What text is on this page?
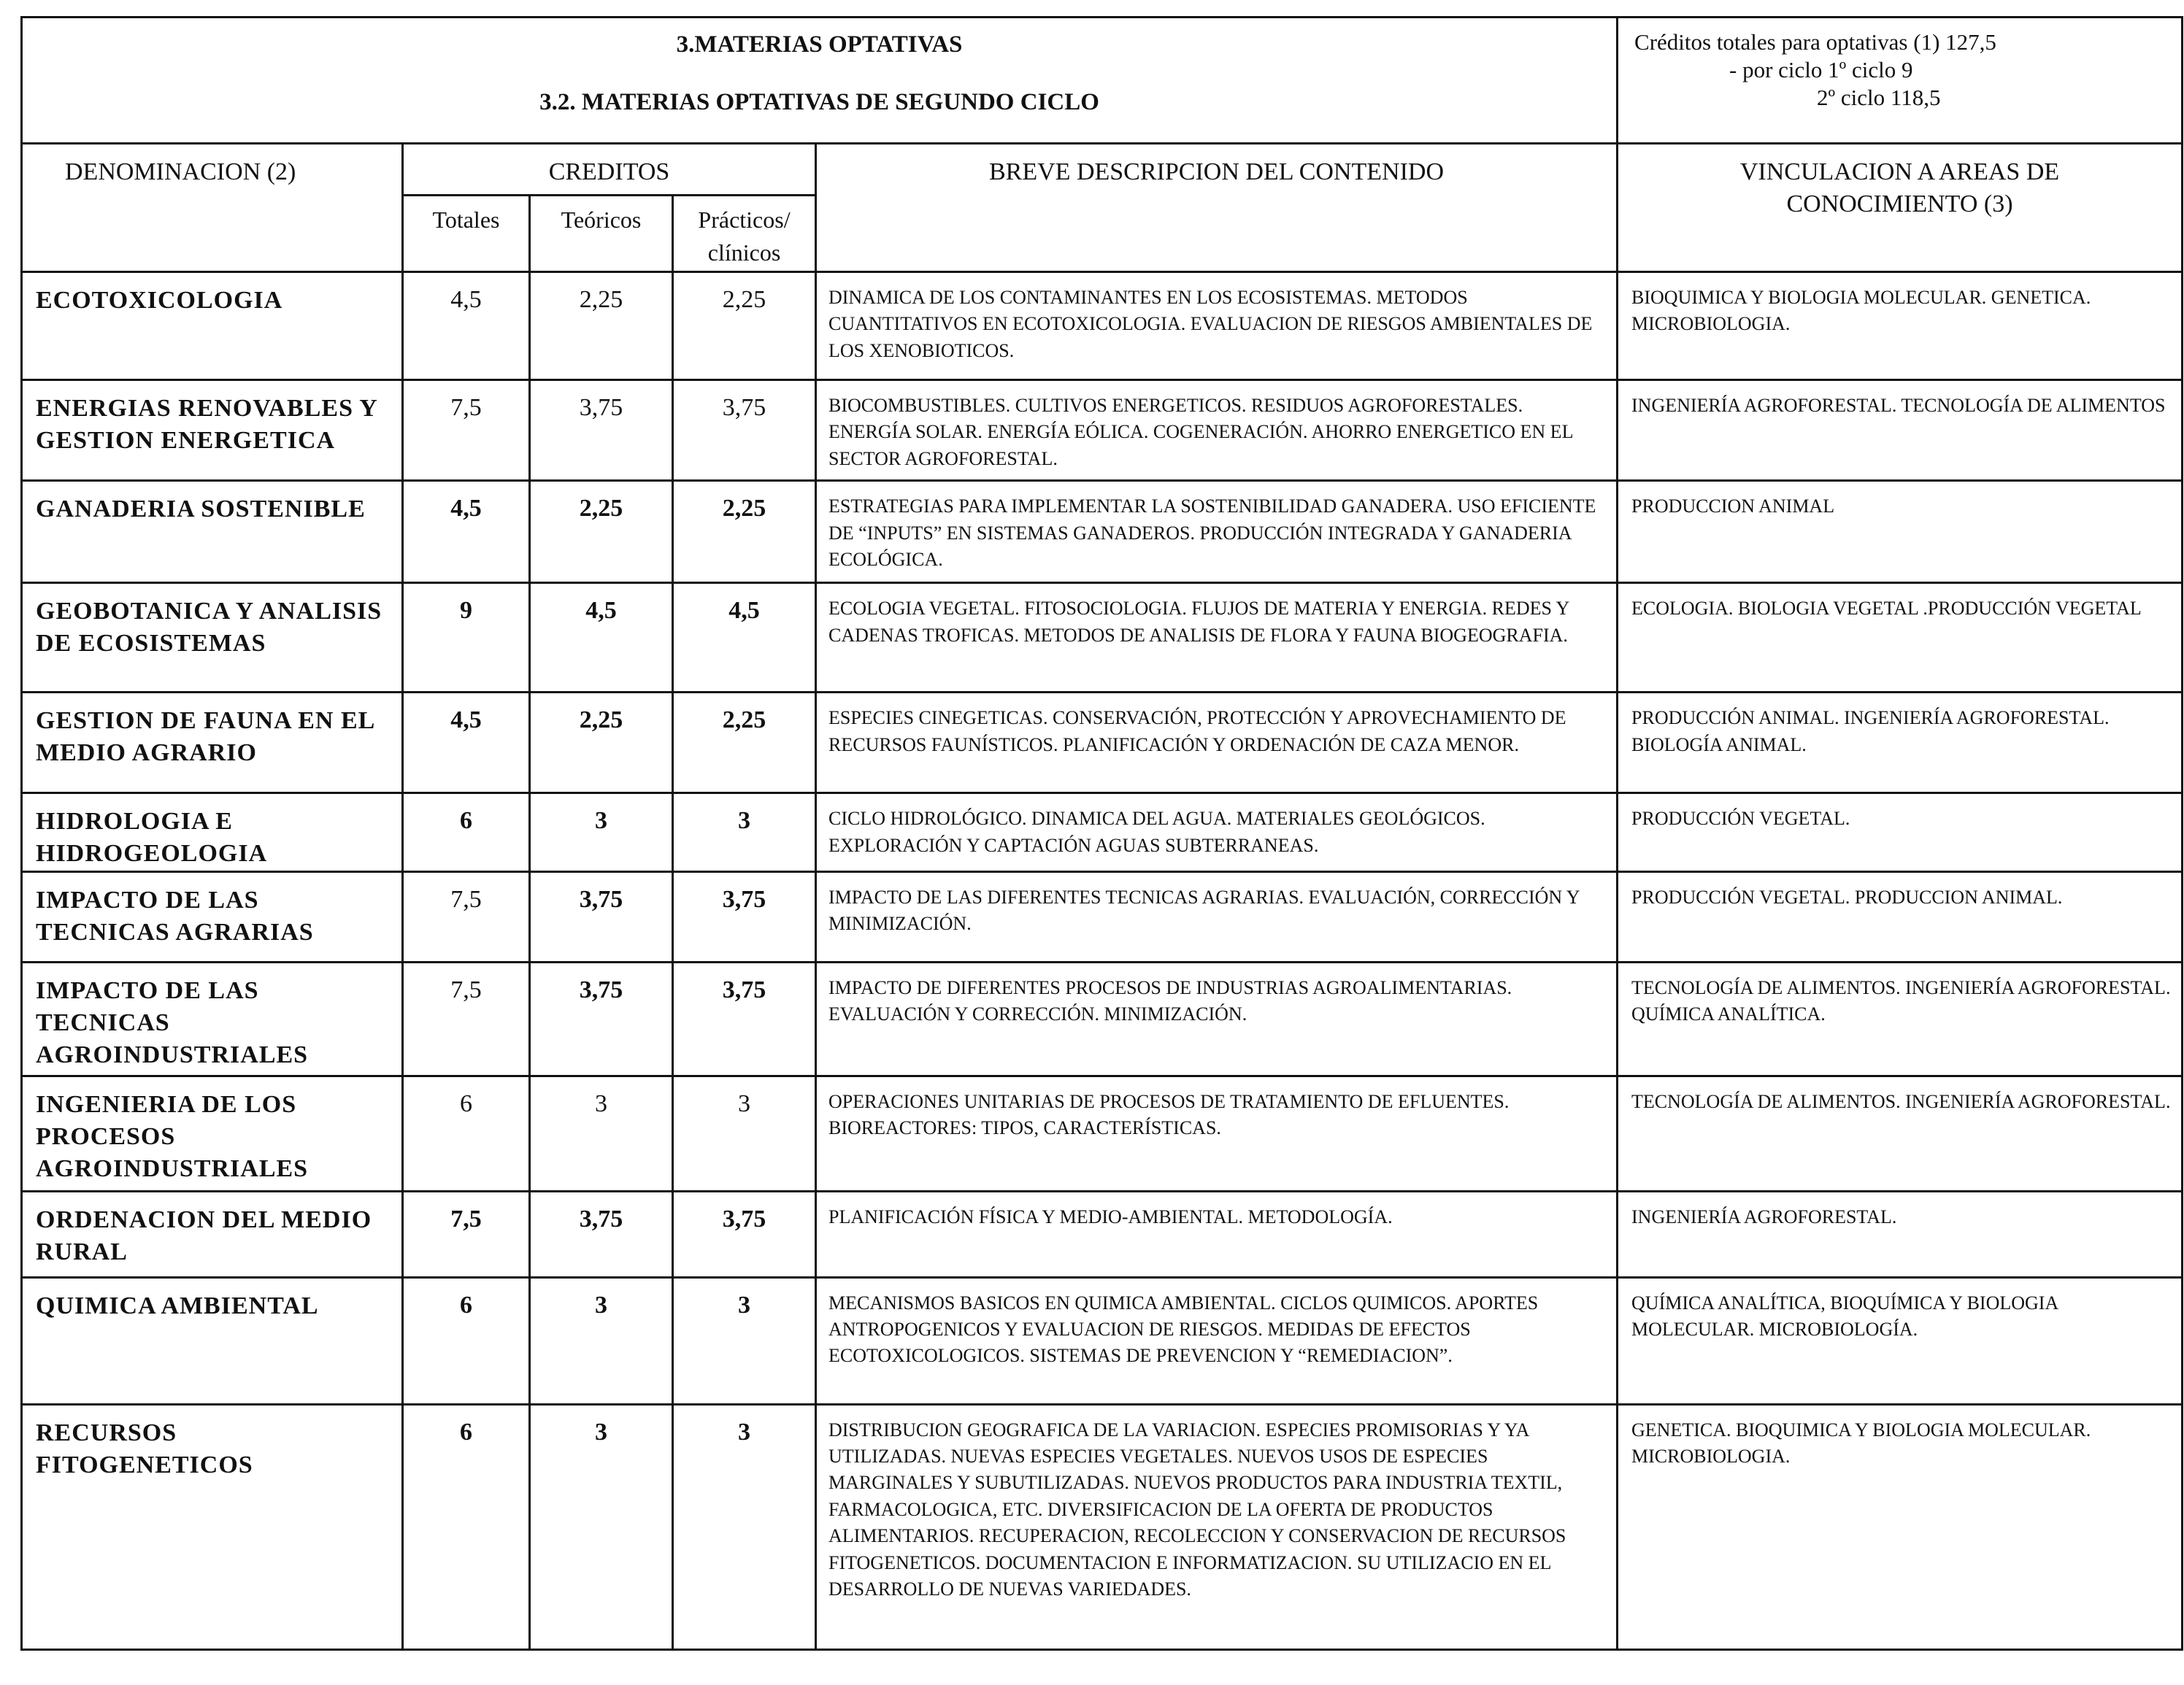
3.MATERIAS OPTATIVAS
3.2. MATERIAS OPTATIVAS DE SEGUNDO CICLO					Créditos totales para optativas (1) 127,5
- por ciclo 1º ciclo 9
2º ciclo 118,5

DENOMINACION (2)	CREDITOS			BREVE DESCRIPCION DEL CONTENIDO	VINCULACION A AREAS DE CONOCIMIENTO (3)
	Totales	Teóricos	Prácticos/ clínicos		
ECOTOXICOLOGIA	4,5	2,25	2,25	DINAMICA DE LOS CONTAMINANTES EN LOS ECOSISTEMAS. METODOS CUANTITATIVOS EN ECOTOXICOLOGIA. EVALUACION DE RIESGOS AMBIENTALES DE LOS XENOBIOTICOS.	BIOQUIMICA Y BIOLOGIA MOLECULAR. GENETICA. MICROBIOLOGIA.
ENERGIAS RENOVABLES Y GESTION ENERGETICA	7,5	3,75	3,75	BIOCOMBUSTIBLES. CULTIVOS ENERGETICOS. RESIDUOS AGROFORESTALES. ENERGÍA SOLAR. ENERGÍA EÓLICA. COGENERACIÓN. AHORRO ENERGETICO EN EL SECTOR AGROFORESTAL.	INGENIERÍA AGROFORESTAL. TECNOLOGÍA DE ALIMENTOS
GANADERIA SOSTENIBLE	4,5	2,25	2,25	ESTRATEGIAS PARA IMPLEMENTAR LA SOSTENIBILIDAD GANADERA. USO EFICIENTE DE “INPUTS” EN SISTEMAS GANADEROS. PRODUCCIÓN INTEGRADA Y GANADERIA ECOLÓGICA.	PRODUCCION ANIMAL
GEOBOTANICA Y ANALISIS DE ECOSISTEMAS	9	4,5	4,5	ECOLOGIA VEGETAL. FITOSOCIOLOGIA. FLUJOS DE MATERIA Y ENERGIA. REDES Y CADENAS TROFICAS. METODOS DE ANALISIS DE FLORA Y FAUNA BIOGEOGRAFIA.	ECOLOGIA. BIOLOGIA VEGETAL .PRODUCCIÓN VEGETAL
GESTION DE FAUNA EN EL MEDIO AGRARIO	4,5	2,25	2,25	ESPECIES CINEGETICAS. CONSERVACIÓN, PROTECCIÓN Y APROVECHAMIENTO DE RECURSOS FAUNÍSTICOS. PLANIFICACIÓN Y ORDENACIÓN DE CAZA MENOR.	PRODUCCIÓN ANIMAL. INGENIERÍA AGROFORESTAL. BIOLOGÍA ANIMAL.
HIDROLOGIA E HIDROGEOLOGIA	6	3	3	CICLO HIDROLÓGICO. DINAMICA DEL AGUA. MATERIALES GEOLÓGICOS. EXPLORACIÓN Y CAPTACIÓN AGUAS SUBTERRANEAS.	PRODUCCIÓN VEGETAL.
IMPACTO DE LAS TECNICAS AGRARIAS	7,5	3,75	3,75	IMPACTO DE LAS DIFERENTES TECNICAS AGRARIAS. EVALUACIÓN, CORRECCIÓN Y MINIMIZACIÓN.	PRODUCCIÓN VEGETAL. PRODUCCION ANIMAL.
IMPACTO DE LAS TECNICAS AGROINDUSTRIALES	7,5	3,75	3,75	IMPACTO DE DIFERENTES PROCESOS DE INDUSTRIAS AGROALIMENTARIAS. EVALUACIÓN Y CORRECCIÓN. MINIMIZACIÓN.	TECNOLOGÍA DE ALIMENTOS. INGENIERÍA AGROFORESTAL. QUÍMICA ANALÍTICA.
INGENIERIA DE LOS PROCESOS AGROINDUSTRIALES	6	3	3	OPERACIONES UNITARIAS DE PROCESOS DE TRATAMIENTO DE EFLUENTES. BIOREACTORES: TIPOS, CARACTERÍSTICAS.	TECNOLOGÍA DE ALIMENTOS. INGENIERÍA AGROFORESTAL.
ORDENACION DEL MEDIO RURAL	7,5	3,75	3,75	PLANIFICACIÓN FÍSICA Y MEDIO-AMBIENTAL. METODOLOGÍA.	INGENIERÍA AGROFORESTAL.
QUIMICA AMBIENTAL	6	3	3	MECANISMOS BASICOS EN QUIMICA AMBIENTAL. CICLOS QUIMICOS. APORTES ANTROPOGENICOS Y EVALUACION DE RIESGOS. MEDIDAS DE EFECTOS ECOTOXICOLOGICOS. SISTEMAS DE PREVENCION Y “REMEDIACION”.	QUÍMICA ANALÍTICA, BIOQUÍMICA Y BIOLOGIA MOLECULAR. MICROBIOLOGÍA.
RECURSOS FITOGENETICOS	6	3	3	DISTRIBUCION GEOGRAFICA DE LA VARIACION. ESPECIES PROMISORIAS Y YA UTILIZADAS. NUEVAS ESPECIES VEGETALES. NUEVOS USOS DE ESPECIES MARGINALES Y SUBUTILIZADAS. NUEVOS PRODUCTOS PARA INDUSTRIA TEXTIL, FARMACOLOGICA, ETC. DIVERSIFICACION DE LA OFERTA DE PRODUCTOS ALIMENTARIOS. RECUPERACION, RECOLECCION Y CONSERVACION DE RECURSOS FITOGENETICOS. DOCUMENTACION E INFORMATIZACION. SU UTILIZACIO EN EL DESARROLLO DE NUEVAS VARIEDADES.	GENETICA. BIOQUIMICA Y BIOLOGIA MOLECULAR. MICROBIOLOGIA.
